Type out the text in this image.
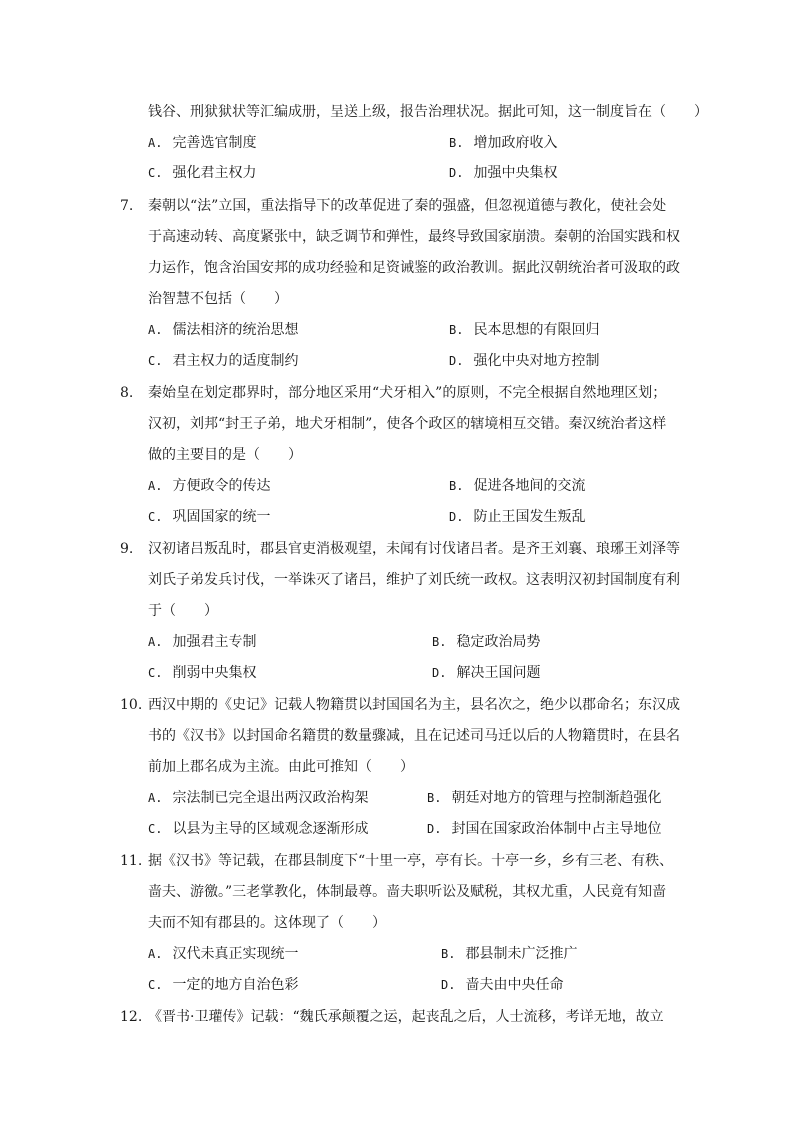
钱谷、刑狱狱状等汇编成册，呈送上级，报告治理状况。据此可知，这一制度旨在（　　）
A. 完善选官制度	B. 增加政府收入
C. 强化君主权力	D. 加强中央集权
7. 秦朝以“法”立国，重法指导下的改革促进了秦的强盛，但忽视道德与教化，使社会处
于高速动转、高度紧张中，缺乏调节和弹性，最终导致国家崩溃。秦朝的治国实践和权
力运作，饱含治国安邦的成功经验和足资诫鉴的政治教训。据此汉朝统治者可汲取的政
治智慧不包括（　　）
A. 儒法相济的统治思想	B. 民本思想的有限回归
C. 君主权力的适度制约	D. 强化中央对地方控制
8. 秦始皇在划定郡界时，部分地区采用“犬牙相入”的原则，不完全根据自然地理区划；
汉初，刘邦“封王子弟，地犬牙相制”，使各个政区的辖境相互交错。秦汉统治者这样
做的主要目的是（　　）
A. 方便政令的传达	B. 促进各地间的交流
C. 巩固国家的统一	D. 防止王国发生叛乱
9. 汉初诸吕叛乱时，郡县官吏消极观望，未闻有讨伐诸吕者。是齐王刘襄、琅琊王刘泽等
刘氏子弟发兵讨伐，一举诛灭了诸吕，维护了刘氏统一政权。这表明汉初封国制度有利
于（　　）
A. 加强君主专制	B. 稳定政治局势
C. 削弱中央集权	D. 解决王国问题
10. 西汉中期的《史记》记载人物籍贯以封国国名为主，县名次之，绝少以郡命名；东汉成
书的《汉书》以封国命名籍贯的数量骤减，且在记述司马迁以后的人物籍贯时，在县名
前加上郡名成为主流。由此可推知（　　）
A. 宗法制已完全退出两汉政治构架	B. 朝廷对地方的管理与控制渐趋强化
C. 以县为主导的区域观念逐渐形成	D. 封国在国家政治体制中占主导地位
11. 据《汉书》等记载，在郡县制度下“十里一亭，亭有长。十亭一乡，乡有三老、有秩、
啬夫、游徼。”三老掌教化，体制最尊。啬夫职听讼及赋税，其权尤重，人民竟有知啬
夫而不知有郡县的。这体现了（　　）
A. 汉代未真正实现统一	B. 郡县制未广泛推广
C. 一定的地方自治色彩	D. 啬夫由中央任命
12. 《晋书·卫瓘传》记载：“魏氏承颠覆之运，起丧乱之后，人士流移，考详无地，故立
